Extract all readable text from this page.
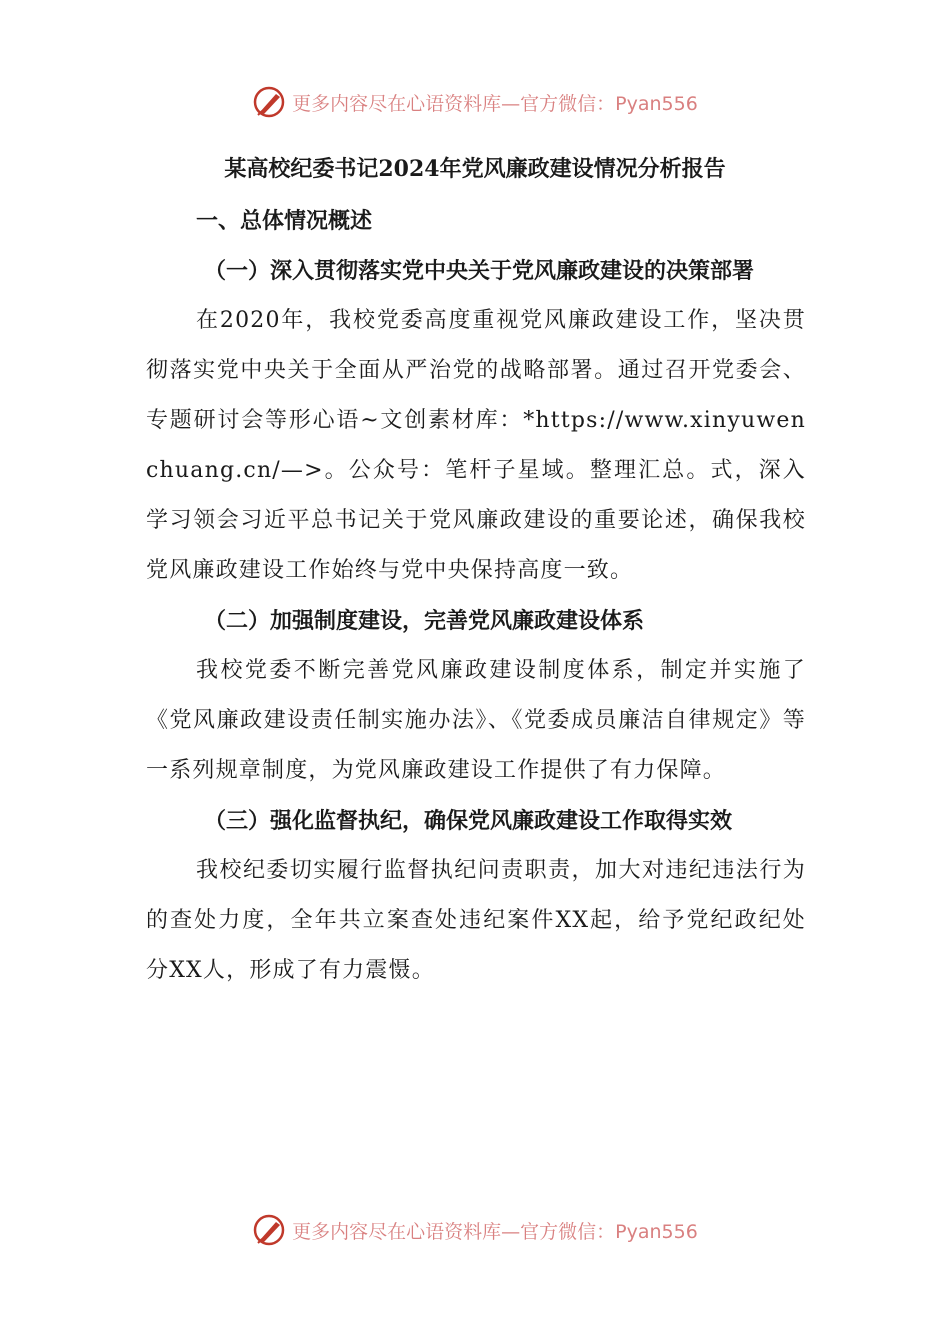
更多内容尽在心语资料库— 官方微信：Pyan556
某高校纪委书记2024年党风廉政建设情况分析报告

一、总体情况概述

（一）深入贯彻落实党中央关于党风廉政建设的决策部署

在2020年，我校党委高度重视党风廉政建设工作，坚决贯彻落实党中央关于全面从严治党的战略部署。通过召开党委会、专题研讨会等形心语~文创素材库：*https://www.xinyuwenchuang.cn/—>。公众号：笔杆子星域。整理汇总。式，深入学习领会习近平总书记关于党风廉政建设的重要论述，确保我校党风廉政建设工作始终与党中央保持高度一致。

（二）加强制度建设，完善党风廉政建设体系

我校党委不断完善党风廉政建设制度体系，制定并实施了《党风廉政建设责任制实施办法》、《党委成员廉洁自律规定》等一系列规章制度，为党风廉政建设工作提供了有力保障。

（三）强化监督执纪，确保党风廉政建设工作取得实效

我校纪委切实履行监督执纪问责职责，加大对违纪违法行为的查处力度，全年共立案查处违纪案件XX起，给予党纪政纪处分XX人，形成了有力震慑。

更多内容尽在心语资料库— 官方微信：Pyan556
